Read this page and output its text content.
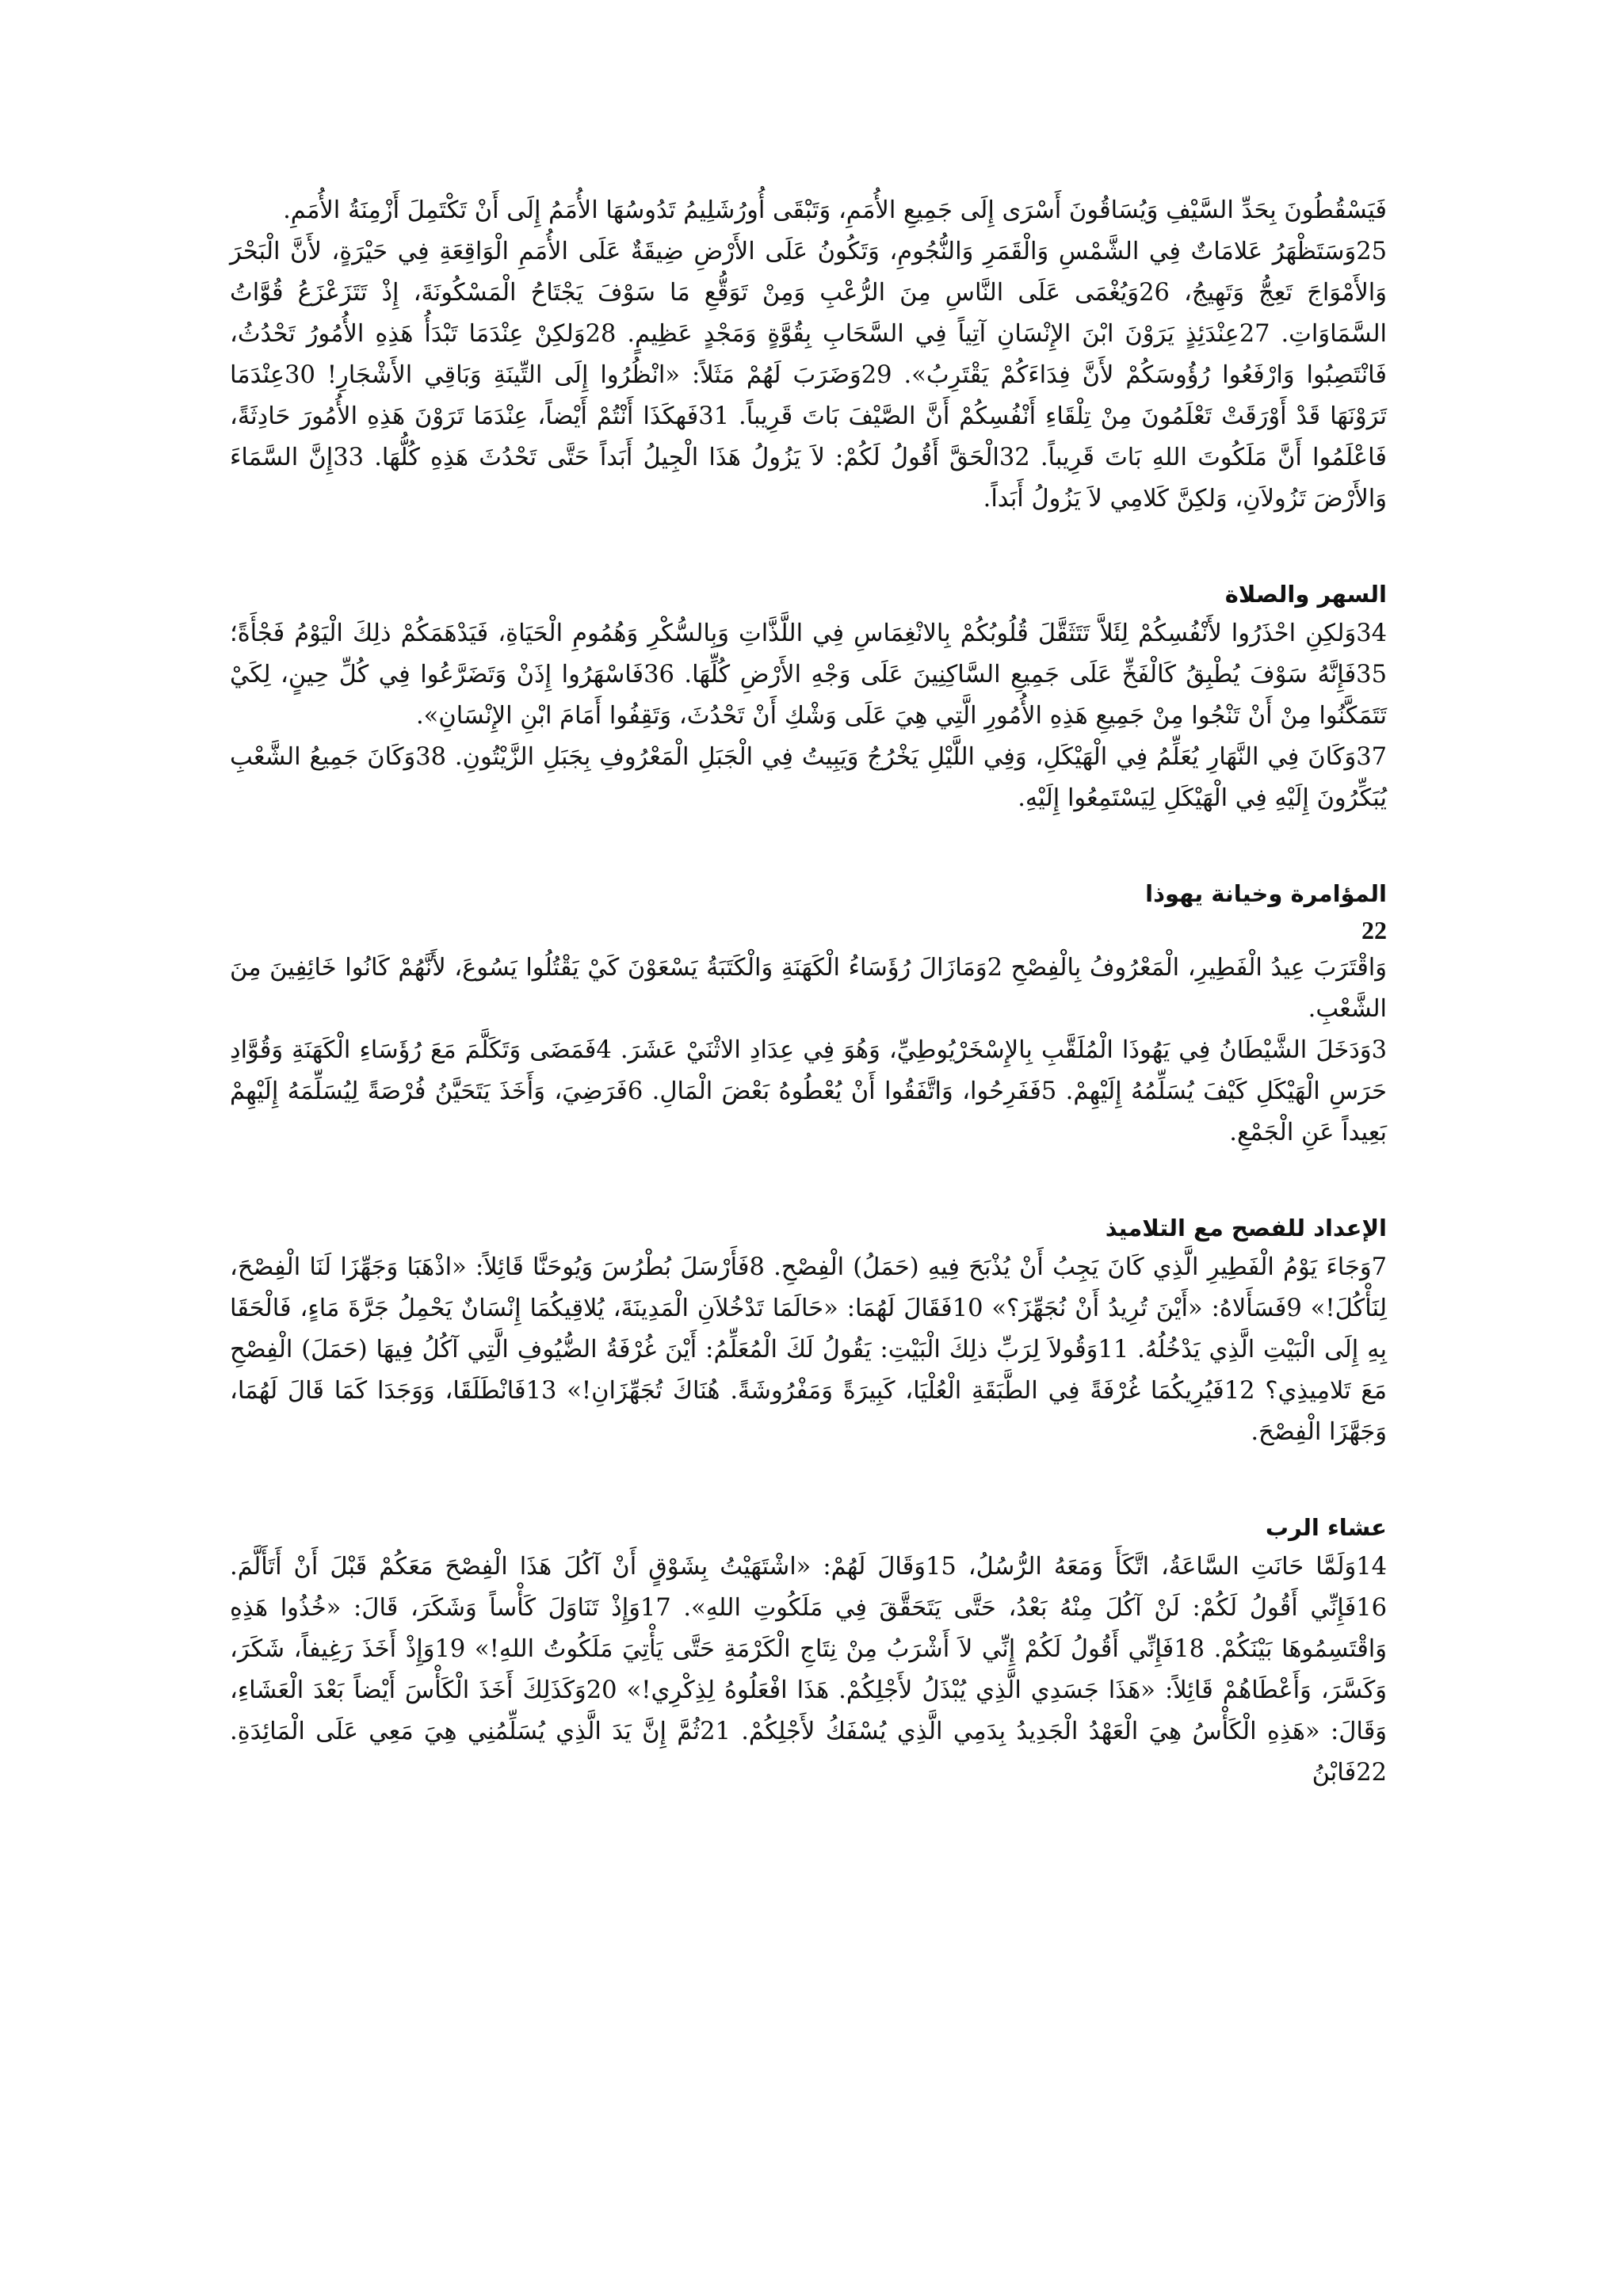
فَيَسْقُطُونَ بِحَدِّ السَّيْفِ وَيُسَاقُونَ أَسْرَى إِلَى جَمِيعِ الأُمَمِ، وَتَبْقَى أُورُشَلِيمُ تَدُوسُهَا الأُمَمُ إِلَى أَنْ تَكْتَمِلَ أَزْمِنَةُ الأُمَمِ.

25وَسَتَظْهَرُ عَلامَاتٌ فِي الشَّمْسِ وَالْقَمَرِ وَالنُّجُومِ، وَتَكُونُ عَلَى الأَرْضِ ضِيقَةٌ عَلَى الأُمَمِ الْوَاقِعَةِ فِي حَيْرَةٍ، لأَنَّ الْبَحْرَ وَالأَمْوَاجَ تَعِجُّ وَتَهِيجُ، 26وَيُغْمَى عَلَى النَّاسِ مِنَ الرُّعْبِ وَمِنْ تَوَقُّعِ مَا سَوْفَ يَجْتَاحُ الْمَسْكُونَةَ، إِذْ تَتَزَعْزَعُ قُوَّاتُ السَّمَاوَاتِ. 27عِنْدَئِذٍ يَرَوْنَ ابْنَ الإِنْسَانِ آتِياً فِي السَّحَابِ بِقُوَّةٍ وَمَجْدٍ عَظِيمٍ. 28وَلكِنْ عِنْدَمَا تَبْدَأُ هَذِهِ الأُمُورُ تَحْدُثُ، فَانْتَصِبُوا وَارْفَعُوا رُؤُوسَكُمْ لأَنَّ فِدَاءَكُمْ يَقْتَرِبُ». 29وَضَرَبَ لَهُمْ مَثَلاً: «انْظُرُوا إِلَى التِّينَةِ وَبَاقِي الأَشْجَارِ! 30عِنْدَمَا تَرَوْنَهَا قَدْ أَوْرَقَتْ تَعْلَمُونَ مِنْ تِلْقَاءِ أَنْفُسِكُمْ أَنَّ الصَّيْفَ بَاتَ قَرِيباً. 31فَهكَذَا أَنْتُمْ أَيْضاً، عِنْدَمَا تَرَوْنَ هَذِهِ الأُمُورَ حَادِثَةً، فَاعْلَمُوا أَنَّ مَلَكُوتَ اللهِ بَاتَ قَرِيباً. 32الْحَقَّ أَقُولُ لَكُمْ: لاَ يَزُولُ هَذَا الْجِيلُ أَبَداً حَتَّى تَحْدُثَ هَذِهِ كُلُّهَا. 33إِنَّ السَّمَاءَ وَالأَرْضَ تَزُولاَنِ، وَلكِنَّ كَلامِي لاَ يَزُولُ أَبَداً.

السهر والصلاة

34وَلكِنِ احْذَرُوا لأَنْفُسِكُمْ لِئَلاَّ تَتَثَقَّلَ قُلُوبُكُمْ بِالانْغِمَاسِ فِي اللَّذَّاتِ وَبِالسُّكْرِ وَهُمُومِ الْحَيَاةِ، فَيَدْهَمَكُمْ ذلِكَ الْيَوْمُ فَجْأَةً؛ 35فَإِنَّهُ سَوْفَ يُطْبِقُ كَالْفَخِّ عَلَى جَمِيعِ السَّاكِنِينَ عَلَى وَجْهِ الأَرْضِ كُلِّهَا. 36فَاسْهَرُوا إِذَنْ وَتَضَرَّعُوا فِي كُلِّ حِينٍ، لِكَيْ تَتَمَكَّنُوا مِنْ أَنْ تَنْجُوا مِنْ جَمِيعِ هَذِهِ الأُمُورِ الَّتِي هِيَ عَلَى وَشْكِ أَنْ تَحْدُثَ، وَتَقِفُوا أَمَامَ ابْنِ الإِنْسَانِ».

37وَكَانَ فِي النَّهَارِ يُعَلِّمُ فِي الْهَيْكَلِ، وَفِي اللَّيْلِ يَخْرُجُ وَيَبِيتُ فِي الْجَبَلِ الْمَعْرُوفِ بِجَبَلِ الزَّيْتُونِ. 38وَكَانَ جَمِيعُ الشَّعْبِ يُبَكِّرُونَ إِلَيْهِ فِي الْهَيْكَلِ لِيَسْتَمِعُوا إِلَيْهِ.

المؤامرة وخيانة يهوذا
22

وَاقْتَرَبَ عِيدُ الْفَطِيرِ، الْمَعْرُوفُ بِالْفِصْحِ 2وَمَازَالَ رُؤَسَاءُ الْكَهَنَةِ وَالْكَتَبَةُ يَسْعَوْنَ كَيْ يَقْتُلُوا يَسُوعَ، لأَنَّهُمْ كَانُوا خَائِفِينَ مِنَ الشَّعْبِ.

3وَدَخَلَ الشَّيْطَانُ فِي يَهُوذَا الْمُلَقَّبِ بِالإِسْخَرْيُوطِيِّ، وَهُوَ فِي عِدَادِ الاثْنَيْ عَشَرَ. 4فَمَضَى وَتَكَلَّمَ مَعَ رُؤَسَاءِ الْكَهَنَةِ وَقُوَّادِ حَرَسِ الْهَيْكَلِ كَيْفَ يُسَلِّمُهُ إِلَيْهِمْ. 5فَفَرِحُوا، وَاتَّفَقُوا أَنْ يُعْطُوهُ بَعْضَ الْمَالِ. 6فَرَضِيَ، وَأَخَذَ يَتَحَيَّنُ فُرْصَةً لِيُسَلِّمَهُ إِلَيْهِمْ بَعِيداً عَنِ الْجَمْعِ.

الإعداد للفصح مع التلاميذ

7وَجَاءَ يَوْمُ الْفَطِيرِ الَّذِي كَانَ يَجِبُ أَنْ يُذْبَحَ فِيهِ (حَمَلُ) الْفِصْحِ. 8فَأَرْسَلَ بُطْرُسَ وَيُوحَنَّا قَائِلاً: «اذْهَبَا وَجَهِّزَا لَنَا الْفِصْحَ، لِنَأْكُلَ!» 9فَسَأَلاهُ: «أَيْنَ تُرِيدُ أَنْ نُجَهِّزَ؟» 10فَقَالَ لَهُمَا: «حَالَمَا تَدْخُلاَنِ الْمَدِينَةَ، يُلاقِيكُمَا إِنْسَانٌ يَحْمِلُ جَرَّةَ مَاءٍ، فَالْحَقَا بِهِ إِلَى الْبَيْتِ الَّذِي يَدْخُلُهُ. 11وَقُولاَ لِرَبِّ ذلِكَ الْبَيْتِ: يَقُولُ لَكَ الْمُعَلِّمُ: أَيْنَ غُرْفَةُ الضُّيُوفِ الَّتِي آكُلُ فِيهَا (حَمَلَ) الْفِصْحِ مَعَ تَلامِيذِي؟ 12فَيُرِيكُمَا غُرْفَةً فِي الطَّبَقَةِ الْعُلْيَا، كَبِيرَةً وَمَفْرُوشَةً. هُنَاكَ تُجَهِّزَانِ!» 13فَانْطَلَقَا، وَوَجَدَا كَمَا قَالَ لَهُمَا، وَجَهَّزَا الْفِصْحَ.

عشاء الرب

14وَلَمَّا حَانَتِ السَّاعَةُ، اتَّكَأَ وَمَعَهُ الرُّسُلُ، 15وَقَالَ لَهُمْ: «اشْتَهَيْتُ بِشَوْقٍ أَنْ آكُلَ هَذَا الْفِصْحَ مَعَكُمْ قَبْلَ أَنْ أَتَأَلَّمَ. 16فَإِنِّي أَقُولُ لَكُمْ: لَنْ آكُلَ مِنْهُ بَعْدُ، حَتَّى يَتَحَقَّقَ فِي مَلَكُوتِ اللهِ». 17وَإِذْ تَنَاوَلَ كَأْساً وَشَكَرَ، قَالَ: «خُذُوا هَذِهِ وَاقْتَسِمُوهَا بَيْنَكُمْ. 18فَإِنِّي أَقُولُ لَكُمْ إِنِّي لاَ أَشْرَبُ مِنْ نِتَاجِ الْكَرْمَةِ حَتَّى يَأْتِيَ مَلَكُوتُ اللهِ!» 19وَإِذْ أَخَذَ رَغِيفاً، شَكَرَ، وَكَسَّرَ، وَأَعْطَاهُمْ قَائِلاً: «هَذَا جَسَدِي الَّذِي يُبْذَلُ لأَجْلِكُمْ. هَذَا افْعَلُوهُ لِذِكْرِي!» 20وَكَذَلِكَ أَخَذَ الْكَأْسَ أَيْضاً بَعْدَ الْعَشَاءِ، وَقَالَ: «هَذِهِ الْكَأْسُ هِيَ الْعَهْدُ الْجَدِيدُ بِدَمِي الَّذِي يُسْفَكُ لأَجْلِكُمْ. 21ثُمَّ إِنَّ يَدَ الَّذِي يُسَلِّمُنِي هِيَ مَعِي عَلَى الْمَائِدَةِ. 22فَابْنُ
